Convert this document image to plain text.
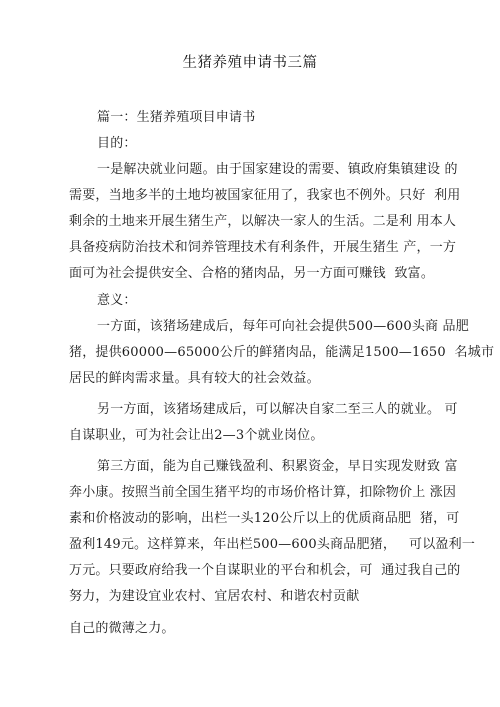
生猪养殖申请书三篇
篇一：生猪养殖项目申请书
目的：
一是解决就业问题。由于国家建设的需要、镇政府集镇建设 的
需要，当地多半的土地均被国家征用了，我家也不例外。只好  利用
剩余的土地来开展生猪生产，以解决一家人的生活。二是利 用本人
具备疫病防治技术和饲养管理技术有利条件，开展生猪生 产，一方
面可为社会提供安全、合格的猪肉品，另一方面可赚钱  致富。
意义：
一方面，该猪场建成后，每年可向社会提供500—600头商 品肥
猪，提供60000—65000公斤的鲜猪肉品，能满足1500—1650  名城市
居民的鲜肉需求量。具有较大的社会效益。
另一方面，该猪场建成后，可以解决自家二至三人的就业。 可
自谋职业，可为社会让出2—3个就业岗位。
第三方面，能为自己赚钱盈利、积累资金，早日实现发财致 富
奔小康。按照当前全国生猪平均的市场价格计算，扣除物价上 涨因
素和价格波动的影响，出栏一头120公斤以上的优质商品肥  猪，可
盈利149元。这样算来，年出栏500—600头商品肥猪，   可以盈利一
万元。只要政府给我一个自谋职业的平台和机会，可  通过我自己的
努力，为建设宜业农村、宜居农村、和谐农村贡献
自己的微薄之力。
